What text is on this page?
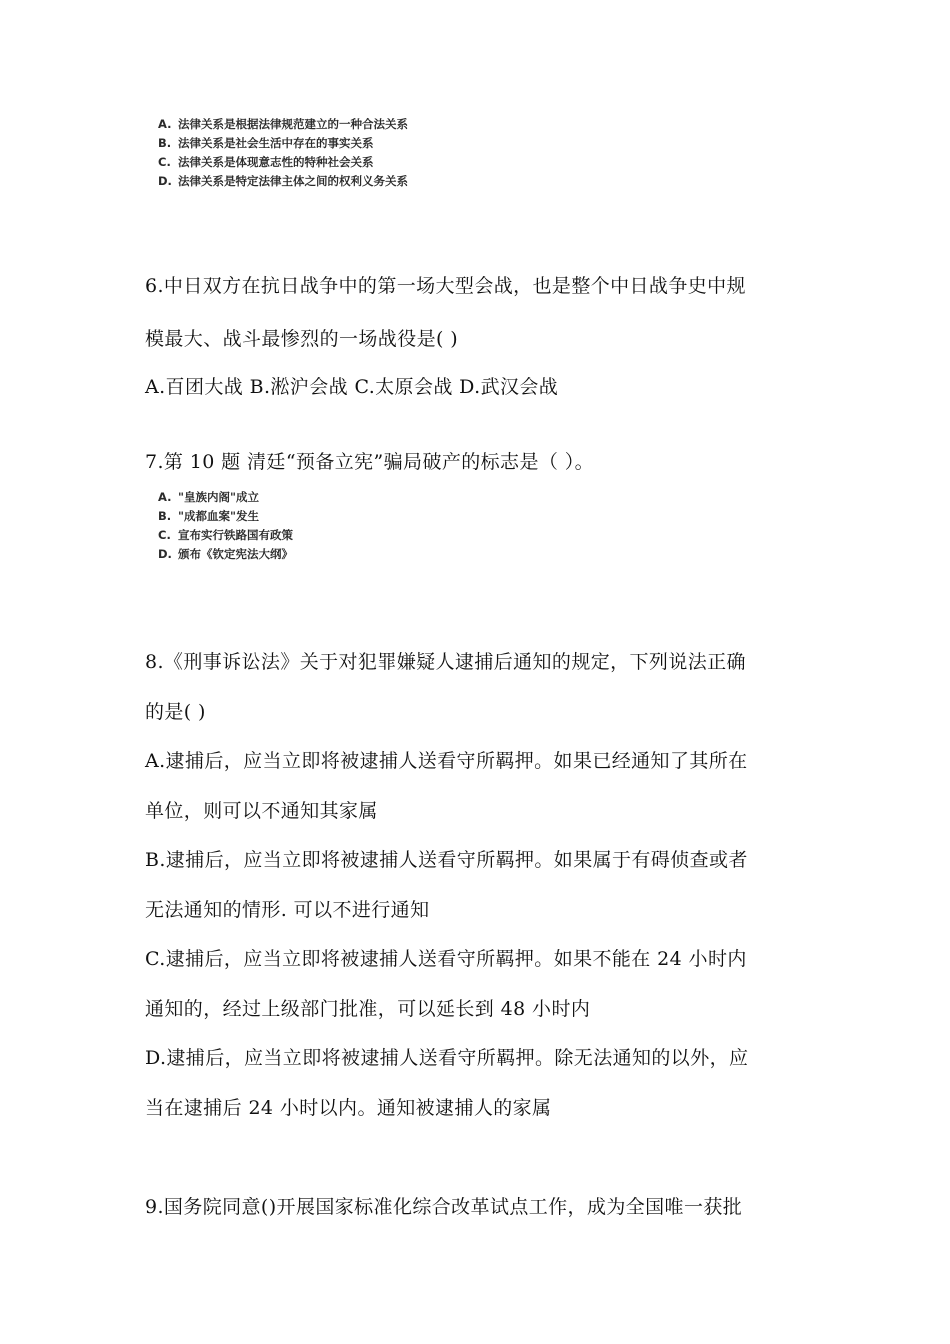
A. 法律关系是根据法律规范建立的一种合法关系
B. 法律关系是社会生活中存在的事实关系
C. 法律关系是体现意志性的特种社会关系
D. 法律关系是特定法律主体之间的权利义务关系
6.中日双方在抗日战争中的第一场大型会战，也是整个中日战争史中规
模最大、战斗最惨烈的一场战役是( )
A.百团大战 B.淞沪会战 C.太原会战 D.武汉会战
7.第 10 题 清廷“预备立宪”骗局破产的标志是（ ）。
A. "皇族内阁"成立
B. "成都血案"发生
C. 宣布实行铁路国有政策
D. 颁布《钦定宪法大纲》
8.《刑事诉讼法》关于对犯罪嫌疑人逮捕后通知的规定，下列说法正确
的是( )
A.逮捕后，应当立即将被逮捕人送看守所羁押。如果已经通知了其所在
单位，则可以不通知其家属
B.逮捕后，应当立即将被逮捕人送看守所羁押。如果属于有碍侦查或者
无法通知的情形. 可以不进行通知
C.逮捕后，应当立即将被逮捕人送看守所羁押。如果不能在 24 小时内
通知的，经过上级部门批准，可以延长到 48 小时内
D.逮捕后，应当立即将被逮捕人送看守所羁押。除无法通知的以外，应
当在逮捕后 24 小时以内。通知被逮捕人的家属
9.国务院同意()开展国家标准化综合改革试点工作，成为全国唯一获批
